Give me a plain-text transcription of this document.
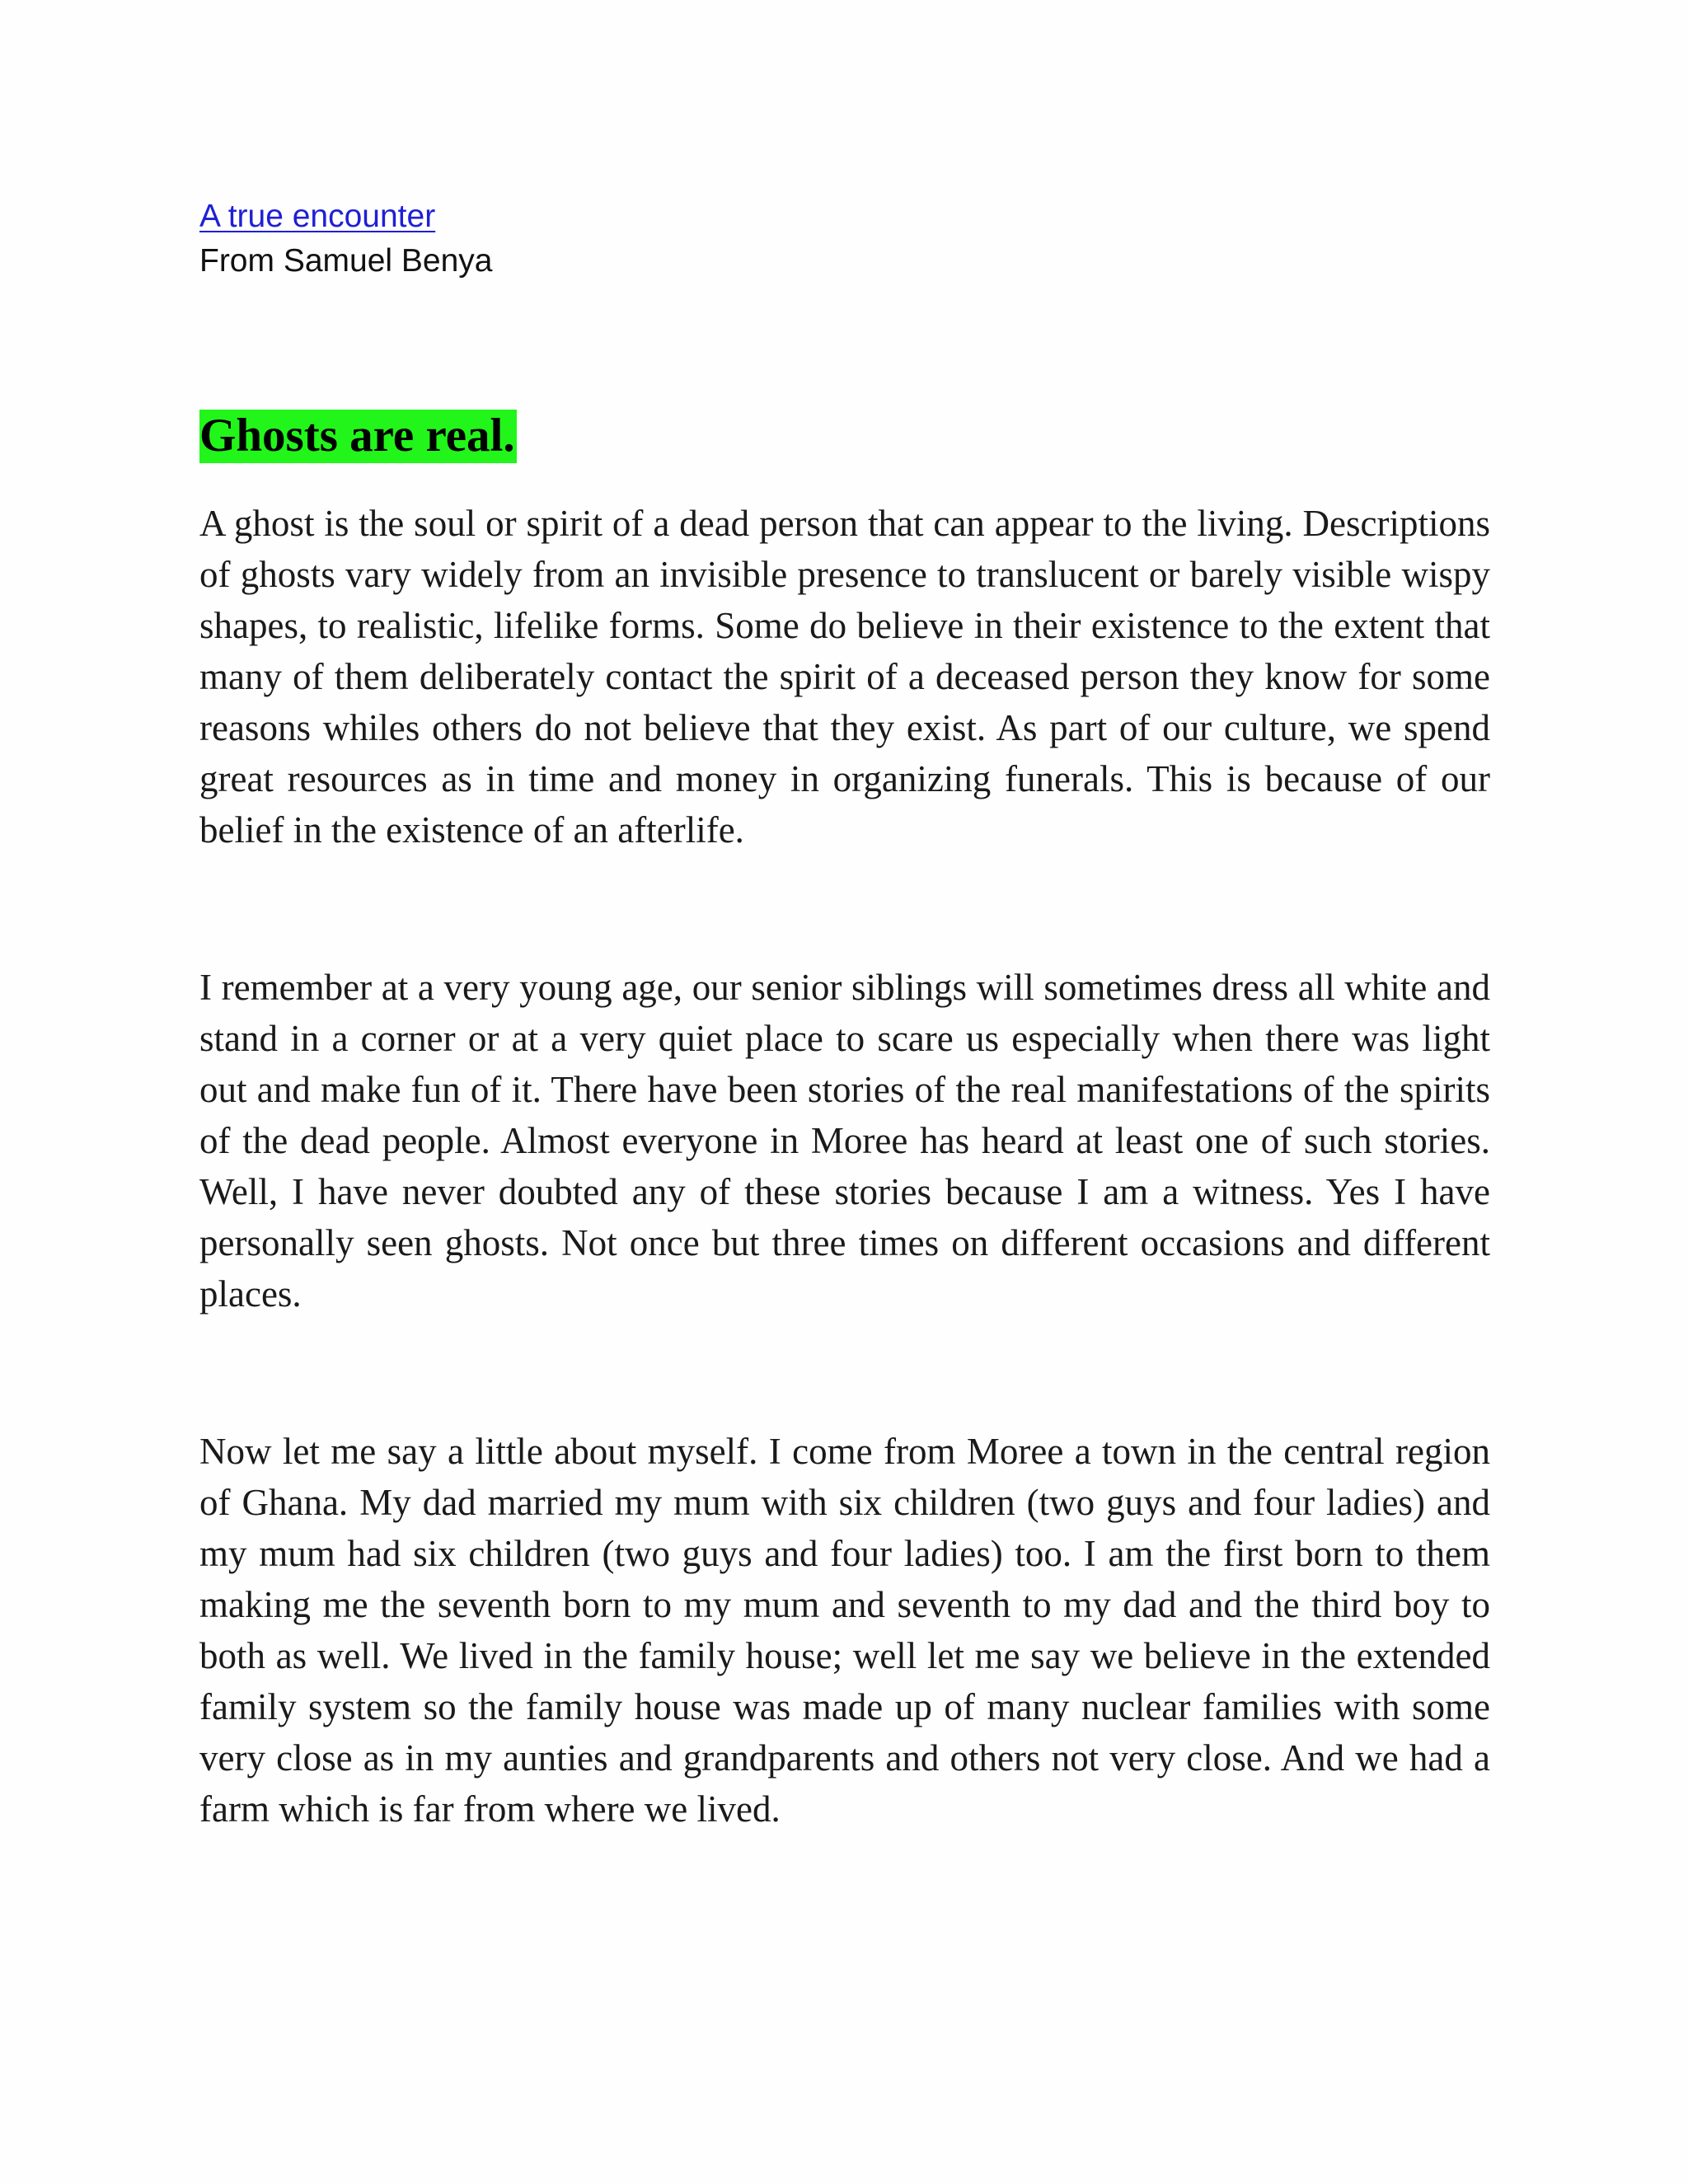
A true encounter
From Samuel Benya
Ghosts are real.

A ghost is the soul or spirit of a dead person that can appear to the living. Descriptions of ghosts vary widely from an invisible presence to translucent or barely visible wispy shapes, to realistic, lifelike forms. Some do believe in their existence to the extent that many of them deliberately contact the spirit of a deceased person they know for some reasons whiles others do not believe that they exist. As part of our culture, we spend great resources as in time and money in organizing funerals. This is because of our belief in the existence of an afterlife.

I remember at a very young age, our senior siblings will sometimes dress all white and stand in a corner or at a very quiet place to scare us especially when there was light out and make fun of it. There have been stories of the real manifestations of the spirits of the dead people. Almost everyone in Moree has heard at least one of such stories. Well, I have never doubted any of these stories because I am a witness. Yes I have personally seen ghosts. Not once but three times on different occasions and different places.

Now let me say a little about myself. I come from Moree a town in the central region of Ghana. My dad married my mum with six children (two guys and four ladies) and my mum had six children (two guys and four ladies) too. I am the first born to them making me the seventh born to my mum and seventh to my dad and the third boy to both as well. We lived in the family house; well let me say we believe in the extended family system so the family house was made up of many nuclear families with some very close as in my aunties and grandparents and others not very close. And we had a farm which is far from where we lived.
